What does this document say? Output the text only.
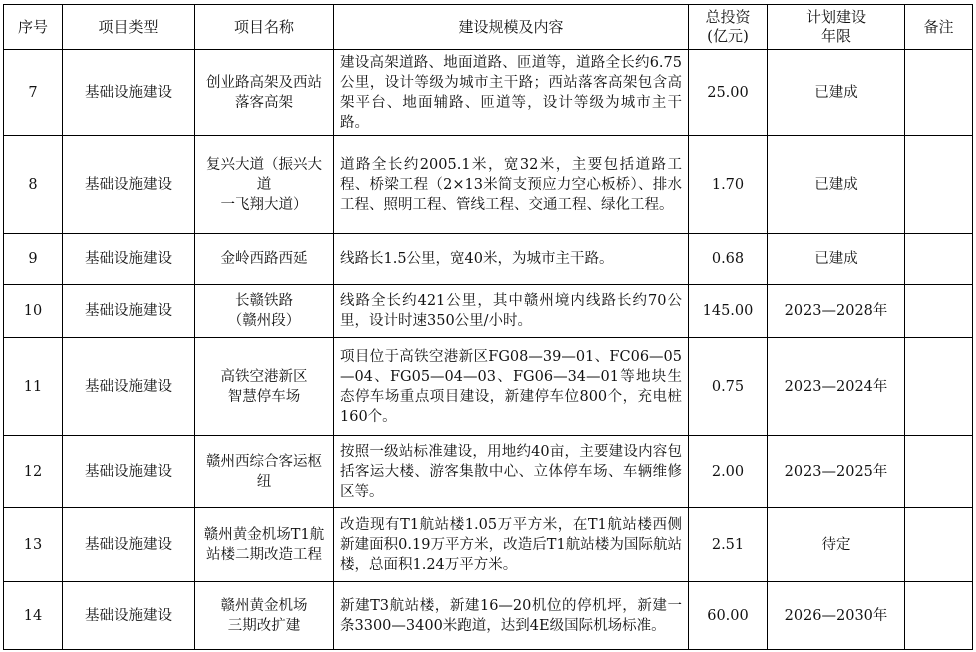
序号	项目类型	项目名称	建设规模及内容	总投资
(亿元)	计划建设
年限	备注
7	基础设施建设	创业路高架及西站
落客高架	建设高架道路、地面道路、匝道等，道路全长约6.75公里，设计等级为城市主干路；西站落客高架包含高架平台、地面辅路、匝道等，设计等级为城市主干路。	25.00	已建成	
8	基础设施建设	复兴大道（振兴大道
一飞翔大道）	道路全长约2005.1米，宽32米，主要包括道路工程、桥梁工程（2×13米简支预应力空心板桥）、排水工程、照明工程、管线工程、交通工程、绿化工程。	1.70	已建成	
9	基础设施建设	金岭西路西延	线路长1.5公里，宽40米，为城市主干路。	0.68	已建成	
10	基础设施建设	长赣铁路
（赣州段）	线路全长约421公里，其中赣州境内线路长约70公里，设计时速350公里/小时。	145.00	2023—2028年	
11	基础设施建设	高铁空港新区
智慧停车场	项目位于高铁空港新区FG08—39—01、FC06—05—04、FG05—04—03、FG06—34—01等地块生态停车场重点项目建设，新建停车位800个，充电桩160个。	0.75	2023—2024年	
12	基础设施建设	赣州西综合客运枢纽	按照一级站标准建设，用地约40亩，主要建设内容包括客运大楼、游客集散中心、立体停车场、车辆维修区等。	2.00	2023—2025年	
13	基础设施建设	赣州黄金机场T1航
站楼二期改造工程	改造现有T1航站楼1.05万平方米，在T1航站楼西侧新建面积0.19万平方米，改造后T1航站楼为国际航站楼，总面积1.24万平方米。	2.51	待定	
14	基础设施建设	赣州黄金机场
三期改扩建	新建T3航站楼，新建16—20机位的停机坪，新建一条3300—3400米跑道，达到4E级国际机场标准。	60.00	2026—2030年	
